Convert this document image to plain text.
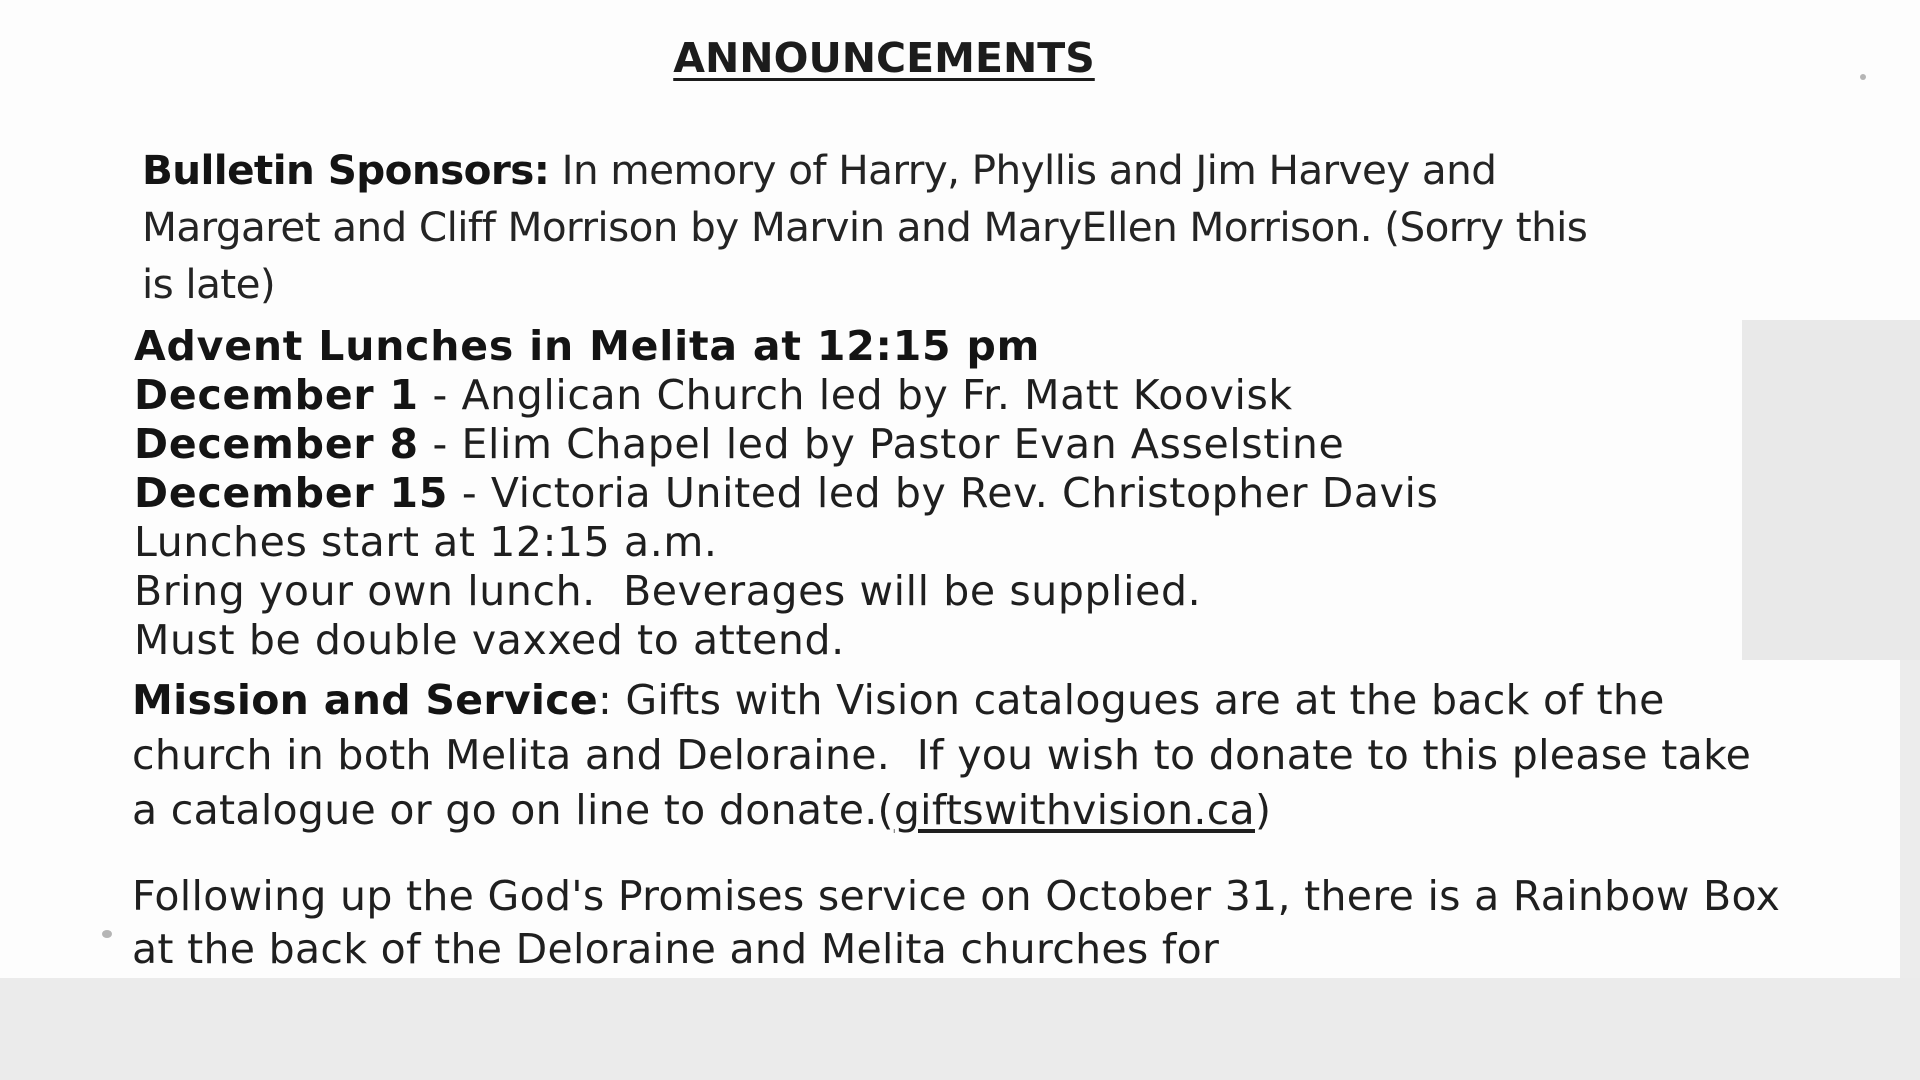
ANNOUNCEMENTS
Bulletin Sponsors: In memory of Harry, Phyllis and Jim Harvey and Margaret and Cliff Morrison by Marvin and MaryEllen Morrison. (Sorry this is late)
Advent Lunches in Melita at 12:15 pm
December 1 - Anglican Church led by Fr. Matt Koovisk
December 8 - Elim Chapel led by Pastor Evan Asselstine
December 15 - Victoria United led by Rev. Christopher Davis
Lunches start at 12:15 a.m.
Bring your own lunch.  Beverages will be supplied.
Must be double vaxxed to attend.
Mission and Service: Gifts with Vision catalogues are at the back of the church in both Melita and Deloraine.  If you wish to donate to this please take a catalogue or go on line to donate.(giftswithvision.ca)
Following up the God's Promises service on October 31, there is a Rainbow Box at the back of the Deloraine and Melita churches for
